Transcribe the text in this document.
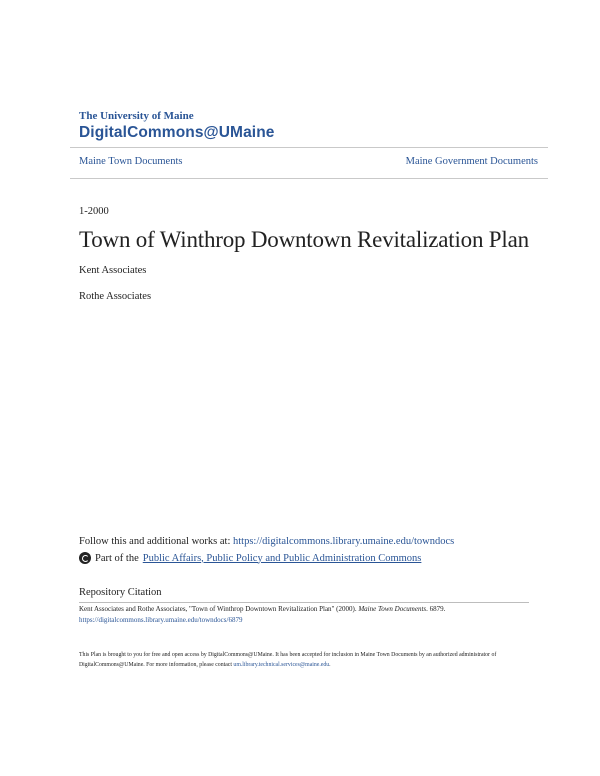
The University of Maine
DigitalCommons@UMaine
Maine Town Documents	Maine Government Documents
1-2000
Town of Winthrop Downtown Revitalization Plan
Kent Associates
Rothe Associates
Follow this and additional works at: https://digitalcommons.library.umaine.edu/towndocs
Part of the Public Affairs, Public Policy and Public Administration Commons
Repository Citation
Kent Associates and Rothe Associates, "Town of Winthrop Downtown Revitalization Plan" (2000). Maine Town Documents. 6879.
https://digitalcommons.library.umaine.edu/towndocs/6879
This Plan is brought to you for free and open access by DigitalCommons@UMaine. It has been accepted for inclusion in Maine Town Documents by an authorized administrator of DigitalCommons@UMaine. For more information, please contact um.library.technical.services@maine.edu.
